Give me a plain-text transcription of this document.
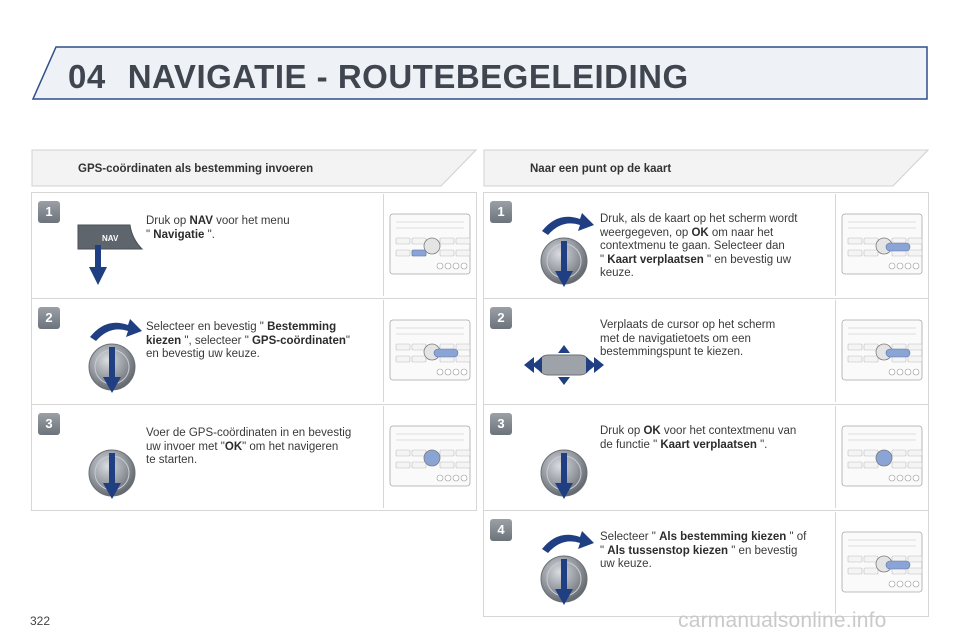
04 NAVIGATIE - ROUTEBEGELEIDING
GPS-coördinaten als bestemming invoeren
1
NAV
Druk op NAV voor het menu
" Navigatie ".
2
Selecteer en bevestig " Bestemming
kiezen ", selecteer " GPS-coördinaten"
en bevestig uw keuze.
3
Voer de GPS-coördinaten in en bevestig
uw invoer met "OK" om het navigeren
te starten.
Naar een punt op de kaart
1	Druk, als de kaart op het scherm wordt
weergegeven, op OK om naar het
contextmenu te gaan. Selecteer dan
" Kaart verplaatsen " en bevestig uw
keuze.
2	Verplaats de cursor op het scherm
met de navigatietoets om een
bestemmingspunt te kiezen.
3	Druk op OK voor het contextmenu van
de functie " Kaart verplaatsen ".
4	Selecteer " Als bestemming kiezen " of
" Als tussenstop kiezen " en bevestig
uw keuze.
322	carmanualsonline.info
